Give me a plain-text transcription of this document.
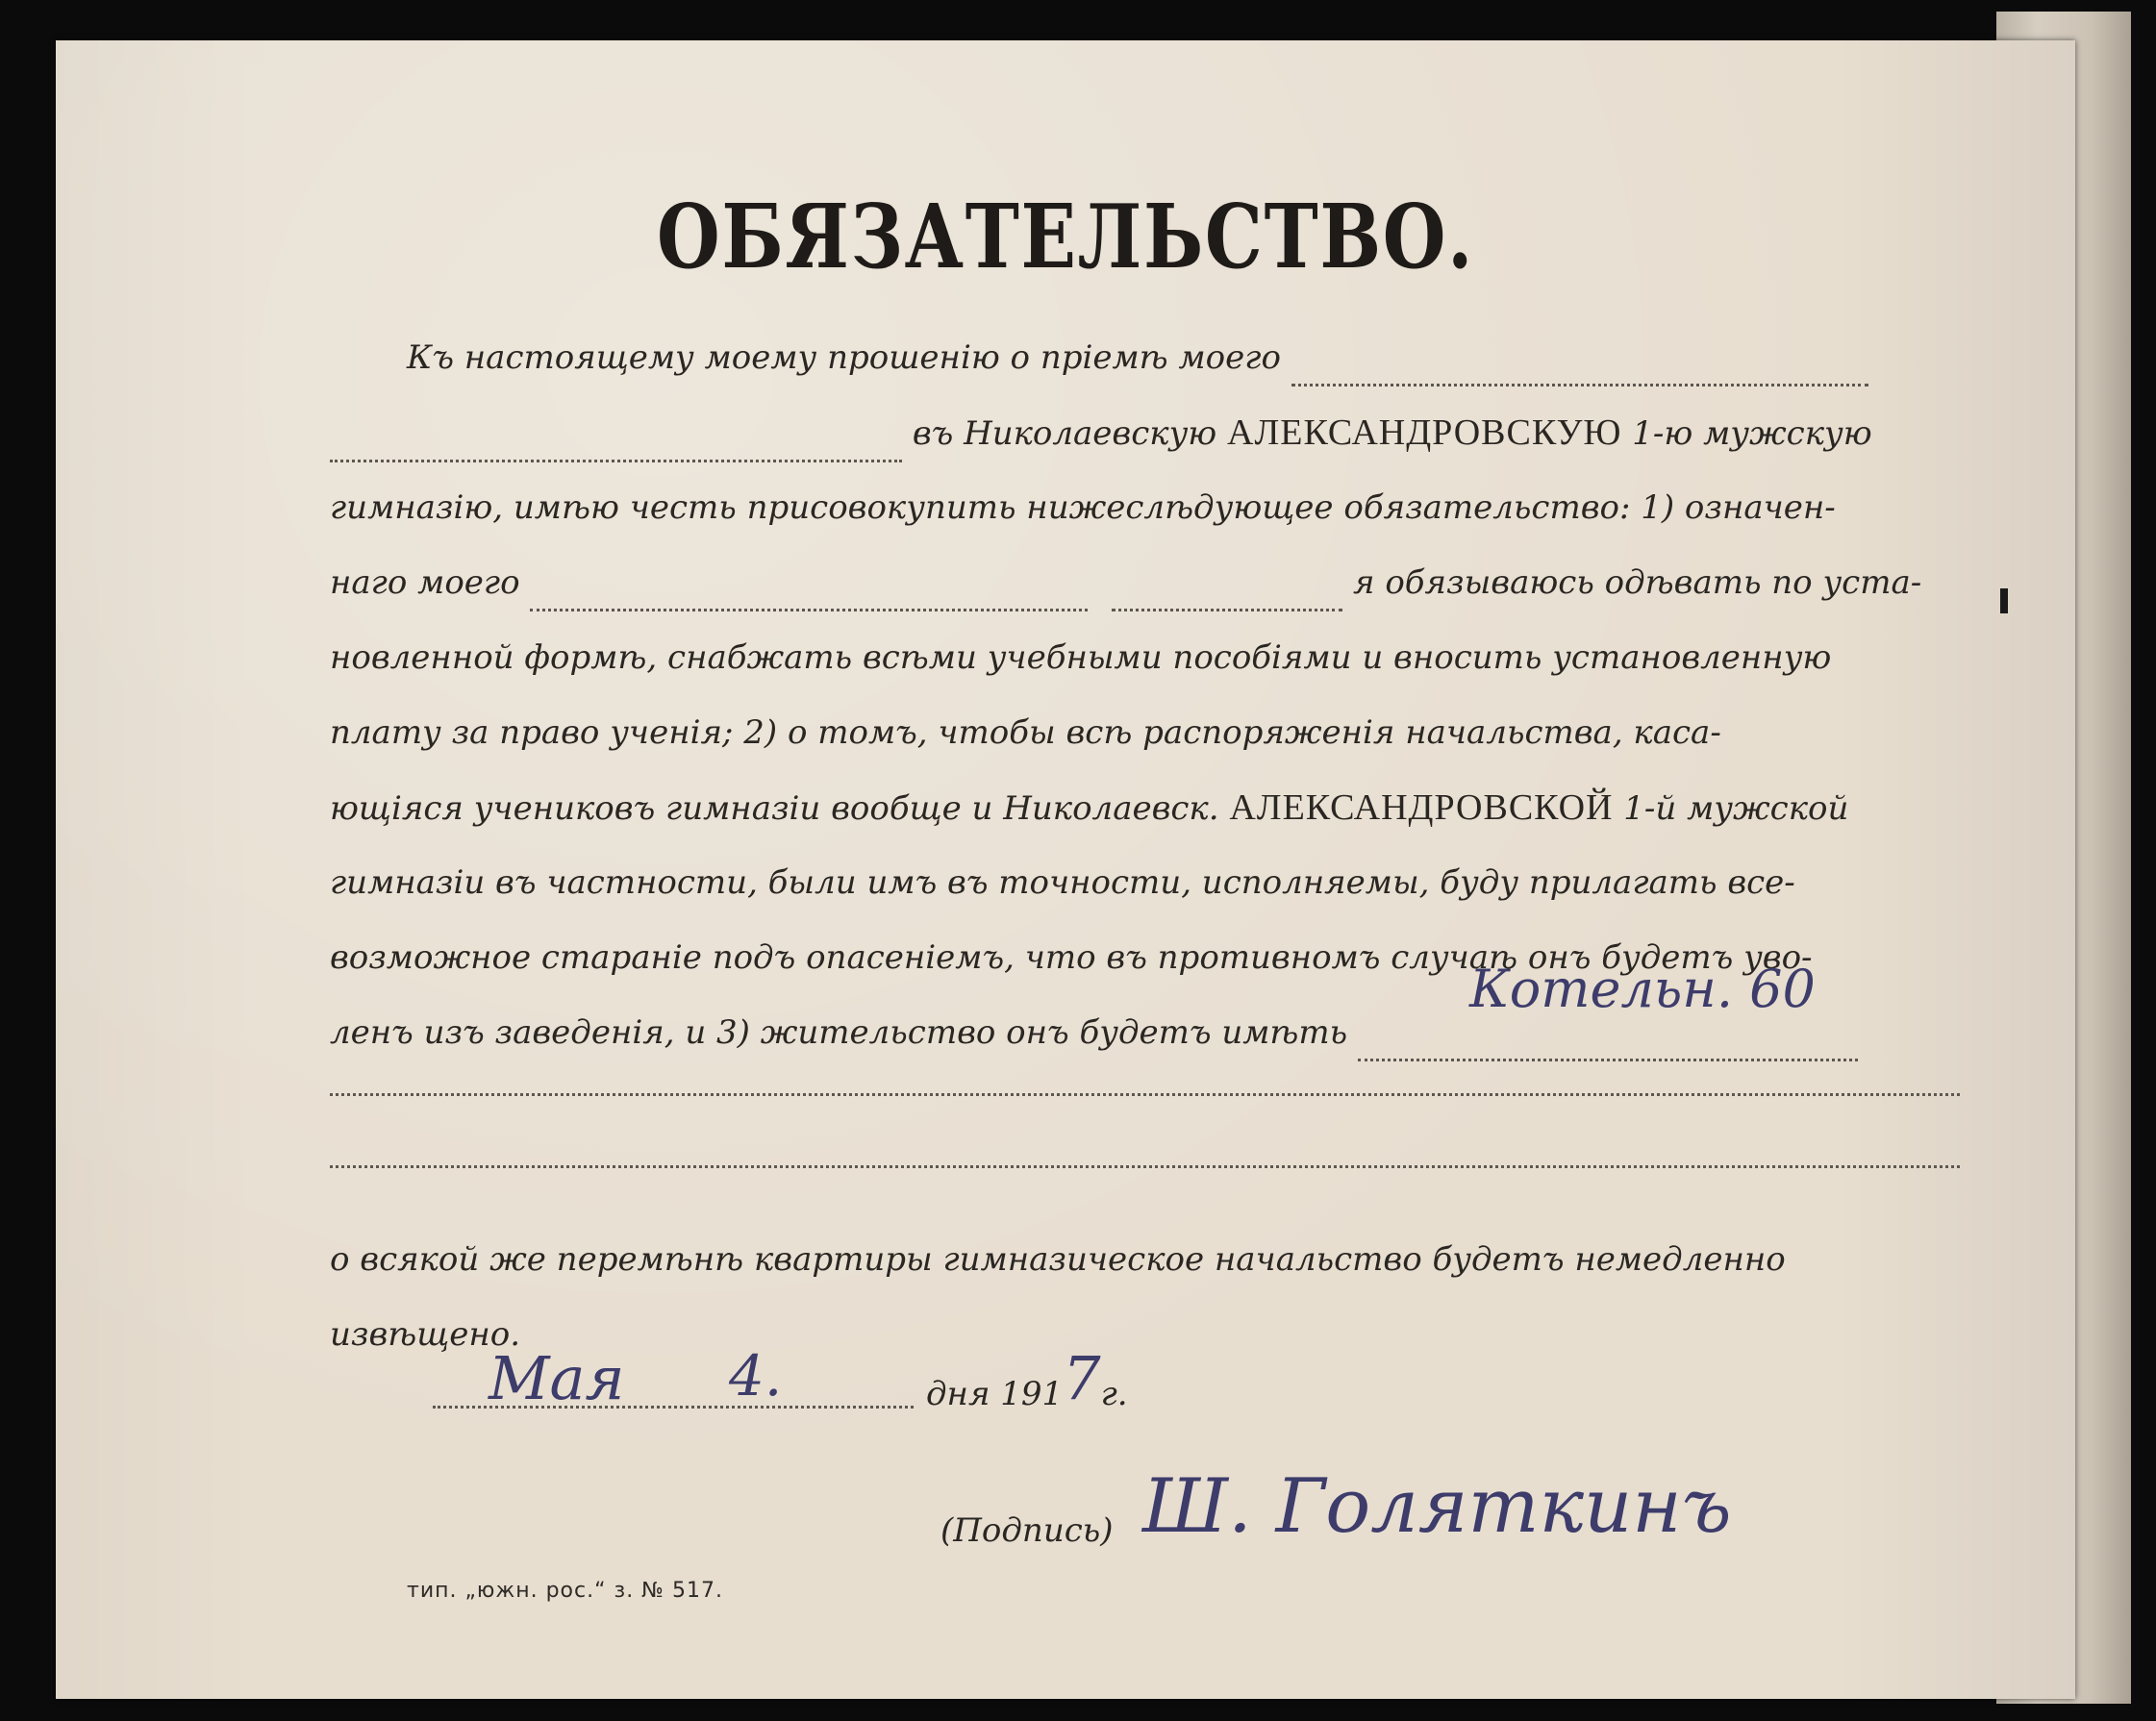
ОБЯЗАТЕЛЬСТВО.
Къ настоящему моему прошенію о пріемѣ моего
въ Николаевскую АЛЕКСАНДРОВСКУЮ 1-ю мужскую
гимназію, имѣю честь присовокупить нижеслѣдующее обязательство: 1) означен-
наго моего	я обязываюсь одѣвать по уста-
новленной формѣ, снабжать всѣми учебными пособіями и вносить установленную
плату за право ученія; 2) о томъ, чтобы всѣ распоряженія начальства, каса-
ющіяся учениковъ гимназіи вообще и Николаевск. АЛЕКСАНДРОВСКОЙ 1-й мужской
гимназіи въ частности, были имъ въ точности, исполняемы, буду прилагать все-
возможное стараніе подъ опасеніемъ, что въ противномъ случаѣ онъ будетъ уво-
ленъ изъ заведенія, и 3) жительство онъ будетъ имѣть
Котельн. 60
о всякой же перемѣнѣ квартиры гимназическое начальство будетъ немедленно
извѣщено.
Мая 4.	дня 1917г.
(Подпись) Ш. Голяткинъ
тип. „южн. рос.“ з. № 517.
